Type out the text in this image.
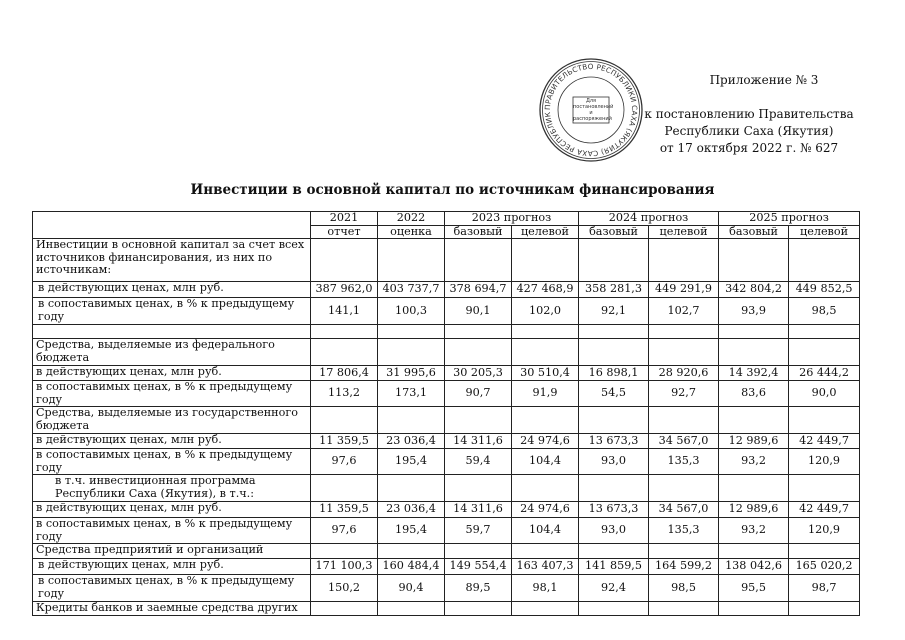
ПРАВИТЕЛЬСТВО РЕСПУБЛИКИ САХА (ЯКУТИЯ) САХА РЕСПУБЛИК
Для постановлений и распоряжений
Приложение № 3
к постановлению Правительства
Республики Саха (Якутия)
от 17 октября 2022 г. № 627
Инвестиции в основной капитал по источникам финансирования
	2021	2022	2023 прогноз		2024 прогноз		2025 прогноз	
	отчет	оценка	базовый	целевой	базовый	целевой	базовый	целевой
Инвестиции в основной капитал за счет всех источников финансирования, из них по источникам:								
в действующих ценах, млн руб.	387 962,0	403 737,7	378 694,7	427 468,9	358 281,3	449 291,9	342 804,2	449 852,5
в сопоставимых ценах, в % к предыдущему году	141,1	100,3	90,1	102,0	92,1	102,7	93,9	98,5

Средства, выделяемые из федерального бюджета								
в действующих ценах, млн руб.	17 806,4	31 995,6	30 205,3	30 510,4	16 898,1	28 920,6	14 392,4	26 444,2
в сопоставимых ценах, в % к предыдущему году	113,2	173,1	90,7	91,9	54,5	92,7	83,6	90,0
Средства, выделяемые из государственного бюджета								
в действующих ценах, млн руб.	11 359,5	23 036,4	14 311,6	24 974,6	13 673,3	34 567,0	12 989,6	42 449,7
в сопоставимых ценах, в % к предыдущему году	97,6	195,4	59,4	104,4	93,0	135,3	93,2	120,9
в т.ч. инвестиционная программа Республики Саха (Якутия), в т.ч.:								
в действующих ценах, млн руб.	11 359,5	23 036,4	14 311,6	24 974,6	13 673,3	34 567,0	12 989,6	42 449,7
в сопоставимых ценах, в % к предыдущему году	97,6	195,4	59,7	104,4	93,0	135,3	93,2	120,9
Средства предприятий и организаций								
в действующих ценах, млн руб.	171 100,3	160 484,4	149 554,4	163 407,3	141 859,5	164 599,2	138 042,6	165 020,2
в сопоставимых ценах, в % к предыдущему году	150,2	90,4	89,5	98,1	92,4	98,5	95,5	98,7
Кредиты банков и заемные средства других								
